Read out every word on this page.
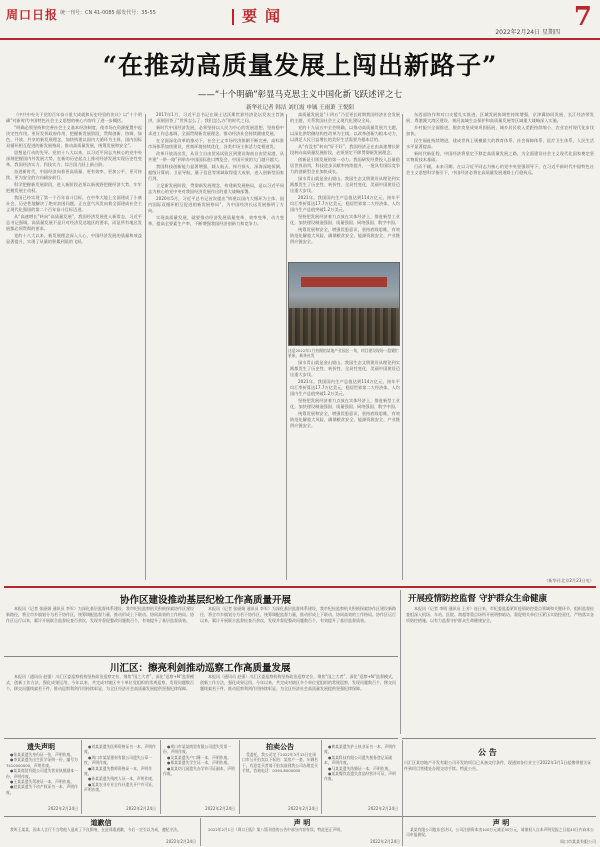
周口日报 统一刊号：CN 41-0085 邮发代号：35-55	要闻	7
2022年2月24日 星期四
“在推动高质量发展上闯出新路子”
——“十个明确”彰显马克思主义中国化新飞跃述评之七
新华社记者 韩洁 刘红霞 申铖 王雨萧 王悦阳

《中共中央关于党的百年奋斗重大成就和历史经验的决议》以“十个明确”对新时代中国特色社会主义思想的核心内容作了进一步概括。

“明确必须坚持和完善社会主义基本经济制度，使市场在资源配置中起决定性作用，更好发挥政府作用，把握新发展阶段，贯彻创新、协调、绿色、开放、共享的新发展理念，加快构建以国内大循环为主体、国内国际双循环相互促进的新发展格局，推动高质量发展，统筹发展和安全”。

思想是行动的先导。党的十八大以来，以习近平同志为核心的党中央深刻把握国内外发展大势，在新的历史起点上推动经济发展实现历史性变革，我国经济实力、科技实力、综合国力跃上新台阶。

奋进新时代，中国经济向着更高质量、更有效率、更加公平、更可持续、更为安全的方向阔步前行。

科学把握新发展阶段，进入新阶段必须以新视野把握经济大势，牢牢把握发展主动权。

我国已经实现了第一个百年奋斗目标，在中华大地上全面建成了小康社会，历史性地解决了绝对贫困问题，正在意气风发向着全面建成社会主义现代化强国的第二个百年奋斗目标迈进。

从“高速增长”转向“高质量发展”，我国经济发展进入新常态，习近平总书记强调，高质量发展不是只对经济发达地区的要求，而是所有地区发展都必须贯彻的要求。

党的十八大以来，新发展理念深入人心，中国经济发展的质量和效益显著提升，实现了从量的积累到质的飞跃。

2017年1月，习近平总书记在瑞士达沃斯世界经济论坛发表主旨演讲，深刻回答了“世界怎么了、我们怎么办”的时代之问。

新时代中国经济发展，必须坚持以人民为中心的发展思想，坚持稳中求进工作总基调，全面贯彻新发展理念，推动经济社会持续健康发展。

在全面深化改革的推动下，社会主义市场经济体制不断完善，高标准市场体系加快建设，营商环境持续优化，各类市场主体活力竞相迸发。

改革开放再出发，从设立自由贸易试验区到建设海南自由贸易港，从共建“一带一路”到举办中国国际进口博览会，中国开放的大门越开越大。

我国科技创新能力显著增强，载人航天、探月探火、深海深地探测、超级计算机、卫星导航、量子信息等领域取得重大成果，进入创新型国家行列。

立足新发展阶段、贯彻新发展理念、构建新发展格局，是以习近平同志为核心的党中央对我国经济发展作出的重大战略部署。

2020年5月，习近平总书记首次提出“构建以国内大循环为主体、国内国际双循环相互促进的新发展格局”，为中国经济长远发展指明了方向。

实现高质量发展，就要推动经济发展质量变革、效率变革、动力变革，提高全要素生产率，不断增强我国经济创新力和竞争力。

高质量发展是“十四五”乃至更长时期我国经济社会发展的主题，关系我国社会主义现代化建设全局。

党的十九届五中全会明确，以推动高质量发展为主题，以深化供给侧结构性改革为主线，以改革创新为根本动力，以满足人民日益增长的美好生活需要为根本目的。

从“有没有”转向“好不好”，我国经济正在由高速增长阶段转向高质量发展阶段，必须坚定不移贯彻新发展理念。

创新是引领发展的第一动力。我国研发经费投入总量稳居世界前列，科技进步贡献率持续提升，一批具有国际竞争力的创新型企业加快成长。

绿水青山就是金山银山。我国生态文明建设从理论到实践都发生了历史性、转折性、全局性变化，美丽中国建设迈出重大步伐。

2021年，我国国内生产总值达到114万亿元，按年平均汇率折算达17.7万亿美元，稳居世界第二大经济体，人均国内生产总值突破1.2万美元。

坚持把发展经济着力点放在实体经济上，推进新型工业化，加快建设制造强国、质量强国、网络强国、数字中国。

统筹发展和安全，增强忧患意识，坚持底线思维，有效防范化解重大风险，确保粮食安全、能源资源安全、产业链供应链安全。

绿水青山就是金山银山。我国生态文明建设从理论到实践都发生了历史性、转折性、全局性变化，美丽中国建设迈出重大步伐。

2021年，我国国内生产总值达到114万亿元，按年平均汇率折算达17.7万亿美元，稳居世界第二大经济体，人均国内生产总值突破1.2万美元。

坚持把发展经济着力点放在实体经济上，推进新型工业化，加快建设制造强国、质量强国、网络强国、数字中国。

统筹发展和安全，增强忧患意识，坚持底线思维，有效防范化解重大风险，确保粮食安全、能源资源安全、产业链供应链安全。

东西部协作和对口支援扎实推进，区域发展协调性持续增强，京津冀协同发展、长江经济带发展、粤港澳大湾区建设、黄河流域生态保护和高质量发展等区域重大战略深入实施。

乡村振兴全面推进，脱贫攻坚成果巩固拓展，城乡居民收入差距持续缩小，农业农村现代化步伐加快。

民生福祉持续增进，建成世界上规模最大的教育体系、社会保障体系、医疗卫生体系，人民生活水平显著提高。

新时代新征程，中国经济将坚定不移走高质量发展之路，为全面建设社会主义现代化国家奠定坚实物质技术基础。

行而不辍，未来可期。在以习近平同志为核心的党中央坚强领导下，在习近平新时代中国特色社会主义思想科学指引下，中国经济必将在高质量发展道路上行稳致远。

这是2022年1月拍摄的某地产业园区一角，项目建设现场一派繁忙景象。新华社发
（新华社北京2月23日电）
协作区建设推动基层纪检工作高质量开展

本报讯（记者 张丽娟 通讯员 李军）为深化基层监督体系建设，我市纪检监察机关积极探索协作区建设新路径，将全市乡镇划分为若干协作区，统筹调配监督力量，推动形成上下联动、协同高效的工作格局。协作区运行以来，累计开展联合监督检查百余次，发现并督促整改问题数百个，有效提升了基层监督质效。

本报讯（记者 张丽娟 通讯员 李军）为深化基层监督体系建设，我市纪检监察机关积极探索协作区建设新路径，将全市乡镇划分为若干协作区，统筹调配监督力量，推动形成上下联动、协同高效的工作格局。协作区运行以来，累计开展联合监督检查百余次，发现并督促整改问题数百个，有效提升了基层监督质效。

开展疫情防控监督 守护群众生命健康

本报讯（记者 李明 通讯员 王芳）连日来，市纪委监委紧盯疫情防控重点领域和关键环节，组织监督检查组深入机场、车站、医院、商超等重点场所开展明察暗访，督促相关单位压紧压实防控责任，严格落实各项防控措施，以有力监督守护群众生命健康安全。

川汇区：擦亮利剑推动巡察工作高质量发展

本报讯（通讯员 赵强）川汇区委巡察机构坚持政治巡察定位，聚焦“国之大者”，深化“巡察+N”监督模式，创新工作方法，强化成果运用。今年以来，共完成对辖区多个单位党组织的常规巡察，发现问题数百个，移交问题线索若干件，推动巡察利剑作用持续彰显，为全区经济社会高质量发展提供坚强纪律保障。

本报讯（通讯员 赵强）川汇区委巡察机构坚持政治巡察定位，聚焦“国之大者”，深化“巡察+N”监督模式，创新工作方法，强化成果运用。今年以来，共完成对辖区多个单位党组织的常规巡察，发现问题数百个，移交问题线索若干件，推动巡察利剑作用持续彰显，为全区经济社会高质量发展提供坚强纪律保障。

公 告
川汇区某房地产开发有限公司开发的项目已具备交付条件，现通知各位业主于2022年3月1日起携带相关证件到项目售楼处办理交房手续。特此公告。
遗失声明

●张某某遗失身份证一张，声明作废。

●李某某遗失出生医学证明一份，编号为T410000000，声明作废。

●某某商贸有限公司遗失营业执照副本一份，声明作废。

●王某某遗失驾驶证一本，声明作废。

●赵某某遗失不动产权证书一本，声明作废。

2022年2月24日

●刘某某遗失医师资格证书一本，声明作废。

●周口市某某建材有限公司遗失公章一枚，声明作废。

●陈某某遗失教师资格证一本，声明作废。

●孙某某遗失残疾人证一本，声明作废。

●某某农业专业合作社遗失开户许可证，声明作废。

2022年2月24日

●周口市某某商贸有限公司遗失发票一份，声明作废。

●吴某某遗失户口簿一本，声明作废。

●郑某某遗失学生证一本，声明作废。

●某某幼儿园遗失办学许可证副本，声明作废。

2022年2月24日
拍卖公告

受委托，我公司定于2022年3月15日在周口市公开拍卖以下标的：某房产一套、车辆若干。有意竞买者请于拍卖前到我公司办理竞买手续。咨询电话：0394-8000000

2022年2月24日

●黄某某遗失护士执业证书一本，声明作废。

●某某科技有限公司遗失税务登记证副本，声明作废。

●马某某遗失结婚证一本，声明作废。

●某某餐饮店遗失食品经营许可证，声明作废。

2022年2月24日
道歉信

我叫王某某，因本人言行不当给他人造成了不良影响，在此郑重道歉，今后一定引以为戒，遵纪守法。

2022年2月24日
声 明

2022年2月1日《周口日报》第八版刊登的公告中部分内容有误，特此更正声明。

2022年2月24日
声 明

某某有限公司股东会决议，公司注册资本由100万元减至50万元，请债权人自本声明见报之日起45日内向本公司申报债权。

周口市某某有限公司
